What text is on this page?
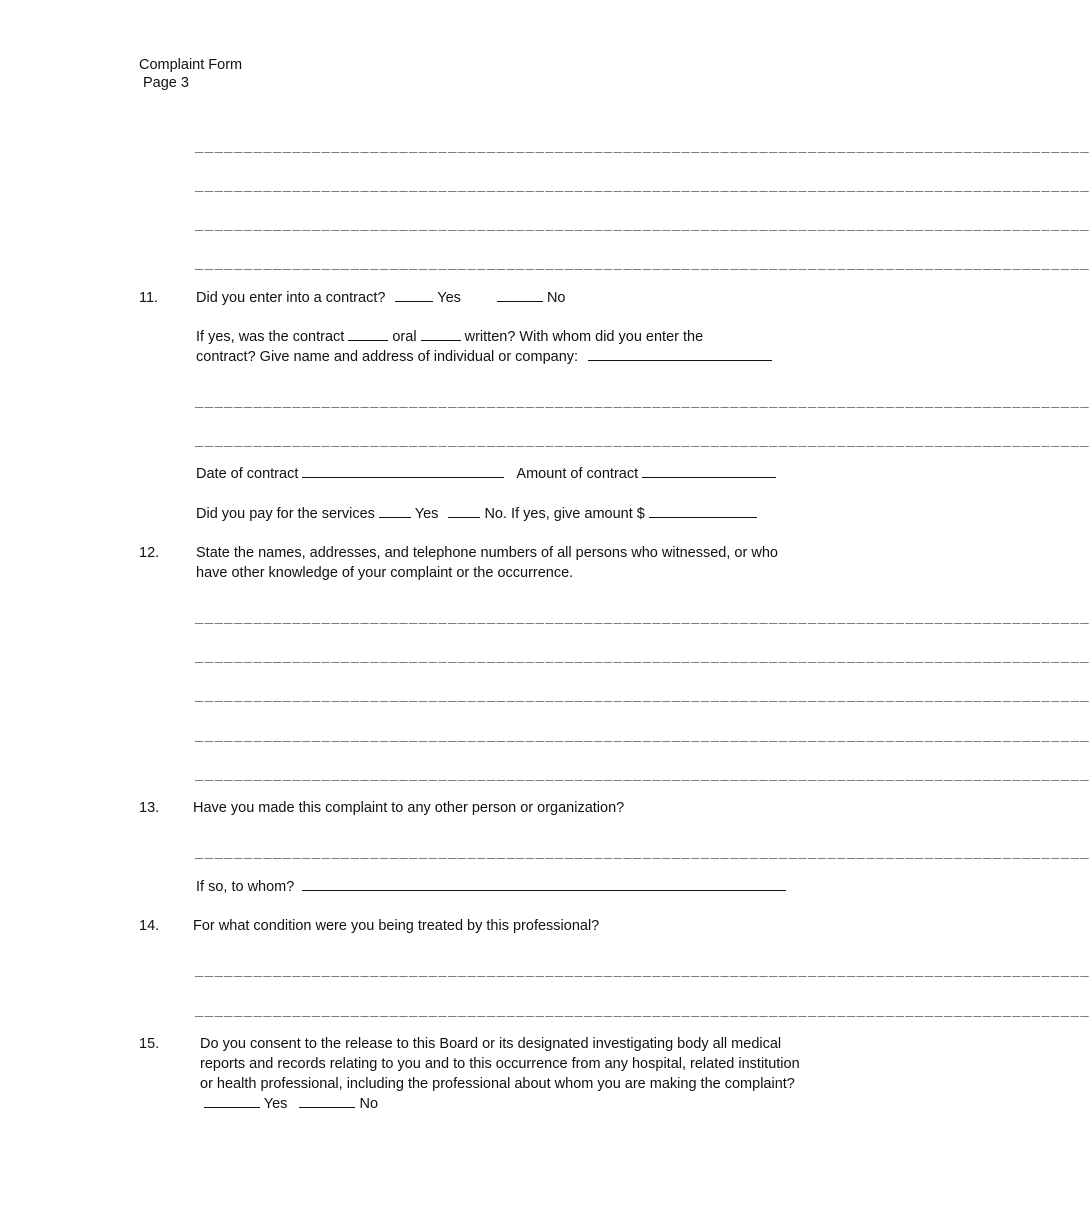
Complaint Form
Page 3
____________________________________________________________________________________________
____________________________________________________________________________________________
____________________________________________________________________________________________
____________________________________________________________________________________________
11.	Did you enter into a contract?	Yes	No
If yes, was the contract	oral	written? With whom did you enter the
contract? Give name and address of individual or company:
____________________________________________________________________________________________
____________________________________________________________________________________________
Date of contract	Amount of contract
Did you pay for the services	Yes	No. If yes, give amount $
12.	State the names, addresses, and telephone numbers of all persons who witnessed, or who
have other knowledge of your complaint or the occurrence.
____________________________________________________________________________________________
____________________________________________________________________________________________
____________________________________________________________________________________________
____________________________________________________________________________________________
____________________________________________________________________________________________
13. Have you made this complaint to any other person or organization?
____________________________________________________________________________________________
If so, to whom?
14. For what condition were you being treated by this professional?
____________________________________________________________________________________________
____________________________________________________________________________________________
15.	Do you consent to the release to this Board or its designated investigating body all medical reports and records relating to you and to this occurrence from any hospital, related institution or health professional, including the professional about whom you are making the complaint?  Yes	No
